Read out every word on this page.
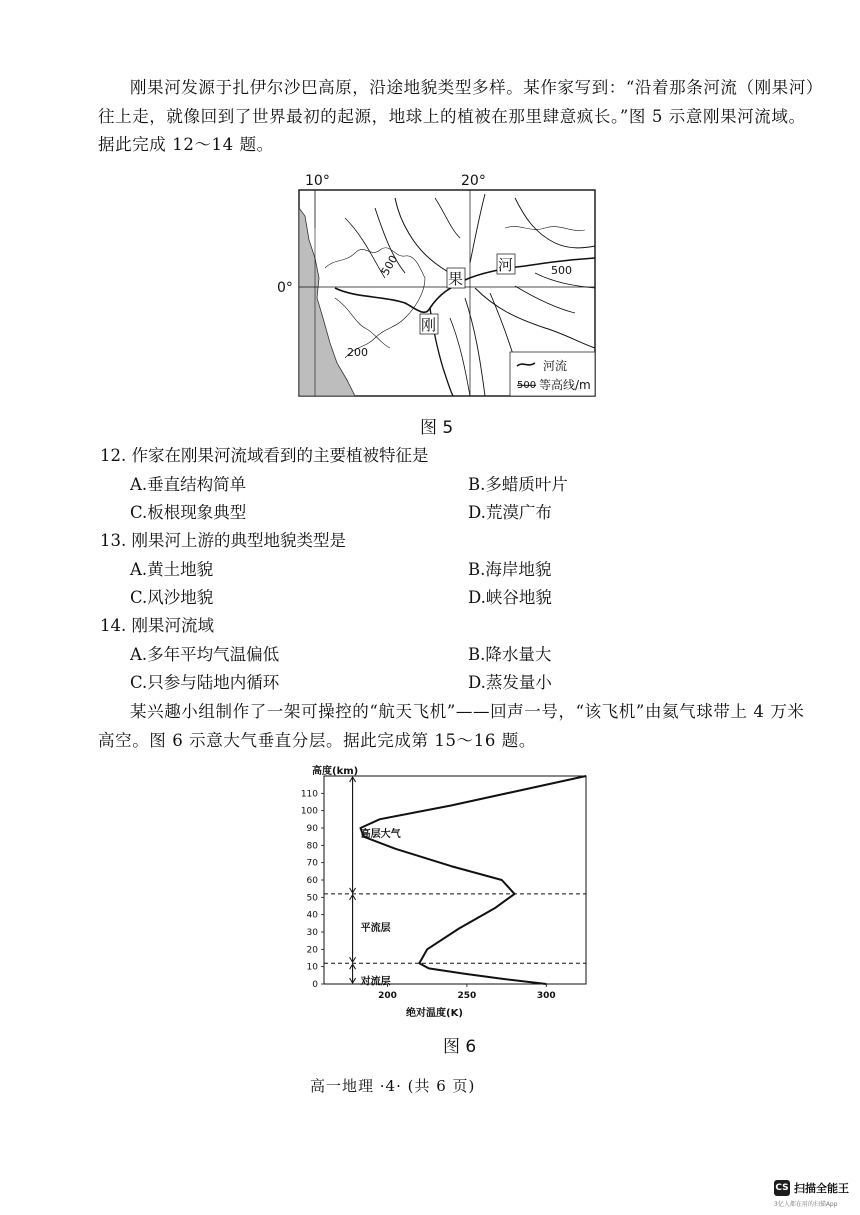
刚果河发源于扎伊尔沙巴高原，沿途地貌类型多样。某作家写到：“沿着那条河流（刚果河）往上走，就像回到了世界最初的起源，地球上的植被在那里肆意疯长。”图 5 示意刚果河流域。据此完成 12～14 题。

10°	20°
0°
刚
果
河
500	500
200
河流
500 等高线/m
图 5
12. 作家在刚果河流域看到的主要植被特征是
A.垂直结构简单	B.多蜡质叶片
C.板根现象典型	D.荒漠广布
13. 刚果河上游的典型地貌类型是
A.黄土地貌	B.海岸地貌
C.风沙地貌	D.峡谷地貌
14. 刚果河流域
A.多年平均气温偏低	B.降水量大
C.只参与陆地内循环	D.蒸发量小

某兴趣小组制作了一架可操控的“航天飞机”——回声一号，“该飞机”由氦气球带上 4 万米高空。图 6 示意大气垂直分层。据此完成第 15～16 题。

高度(km)
绝对温度(K)
0
10
20
30
40
50
60
70
80
90
100
110
200	250	300
对流层
平流层
高层大气
图 6
高一地理 ·4· (共 6 页)
CS 扫描全能王
3亿人都在用的扫描App
